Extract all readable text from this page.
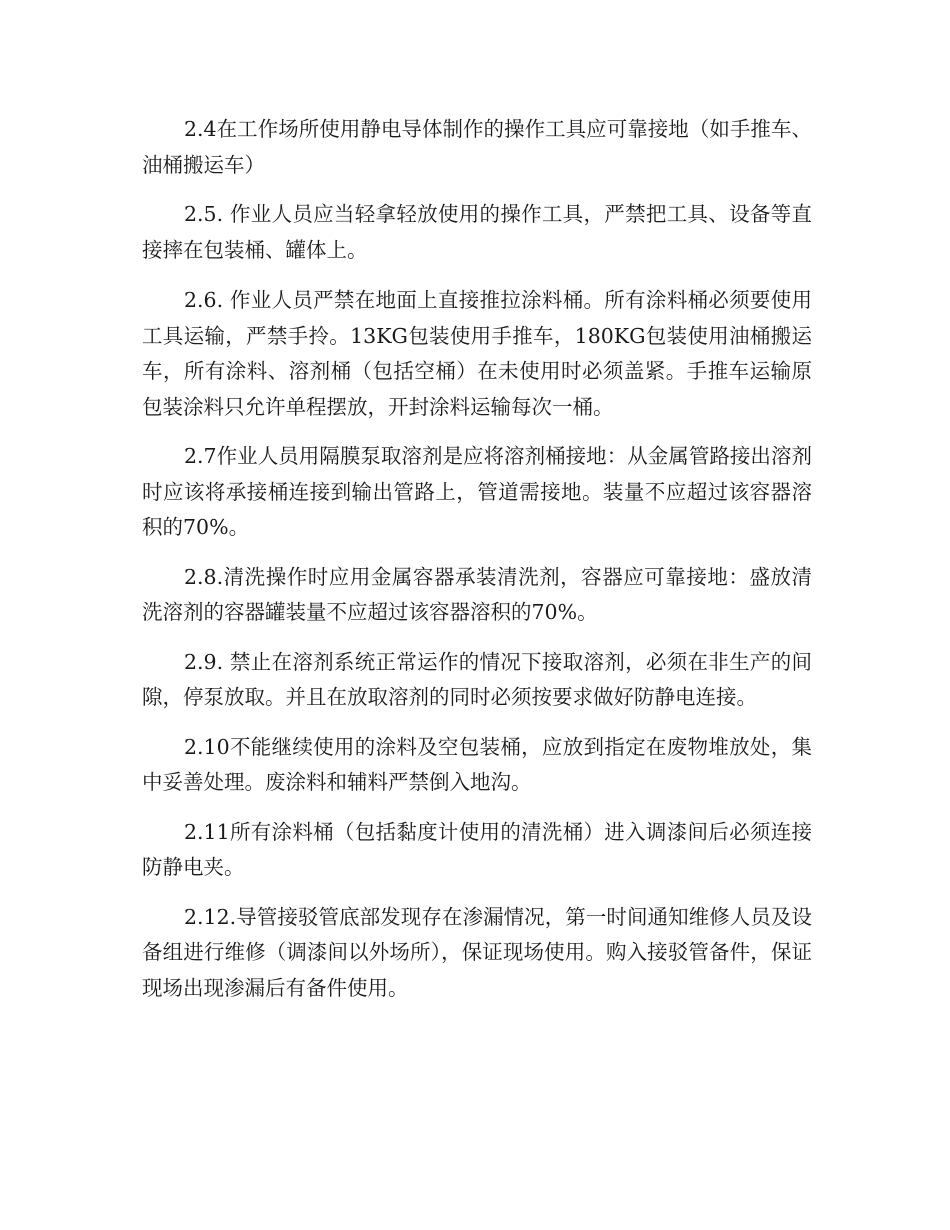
2.4在工作场所使用静电导体制作的操作工具应可靠接地（如手推车、油桶搬运车）

2.5. 作业人员应当轻拿轻放使用的操作工具，严禁把工具、设备等直接摔在包装桶、罐体上。

2.6. 作业人员严禁在地面上直接推拉涂料桶。所有涂料桶必须要使用工具运输，严禁手拎。13KG包装使用手推车，180KG包装使用油桶搬运车，所有涂料、溶剂桶（包括空桶）在未使用时必须盖紧。手推车运输原包装涂料只允许单程摆放，开封涂料运输每次一桶。

2.7作业人员用隔膜泵取溶剂是应将溶剂桶接地：从金属管路接出溶剂时应该将承接桶连接到输出管路上，管道需接地。装量不应超过该容器溶积的70%。

2.8.清洗操作时应用金属容器承装清洗剂，容器应可靠接地：盛放清洗溶剂的容器罐装量不应超过该容器溶积的70%。

2.9. 禁止在溶剂系统正常运作的情况下接取溶剂，必须在非生产的间隙，停泵放取。并且在放取溶剂的同时必须按要求做好防静电连接。

2.10不能继续使用的涂料及空包装桶，应放到指定在废物堆放处，集中妥善处理。废涂料和辅料严禁倒入地沟。

2.11所有涂料桶（包括黏度计使用的清洗桶）进入调漆间后必须连接防静电夹。

2.12.导管接驳管底部发现存在渗漏情况，第一时间通知维修人员及设备组进行维修（调漆间以外场所），保证现场使用。购入接驳管备件，保证现场出现渗漏后有备件使用。
